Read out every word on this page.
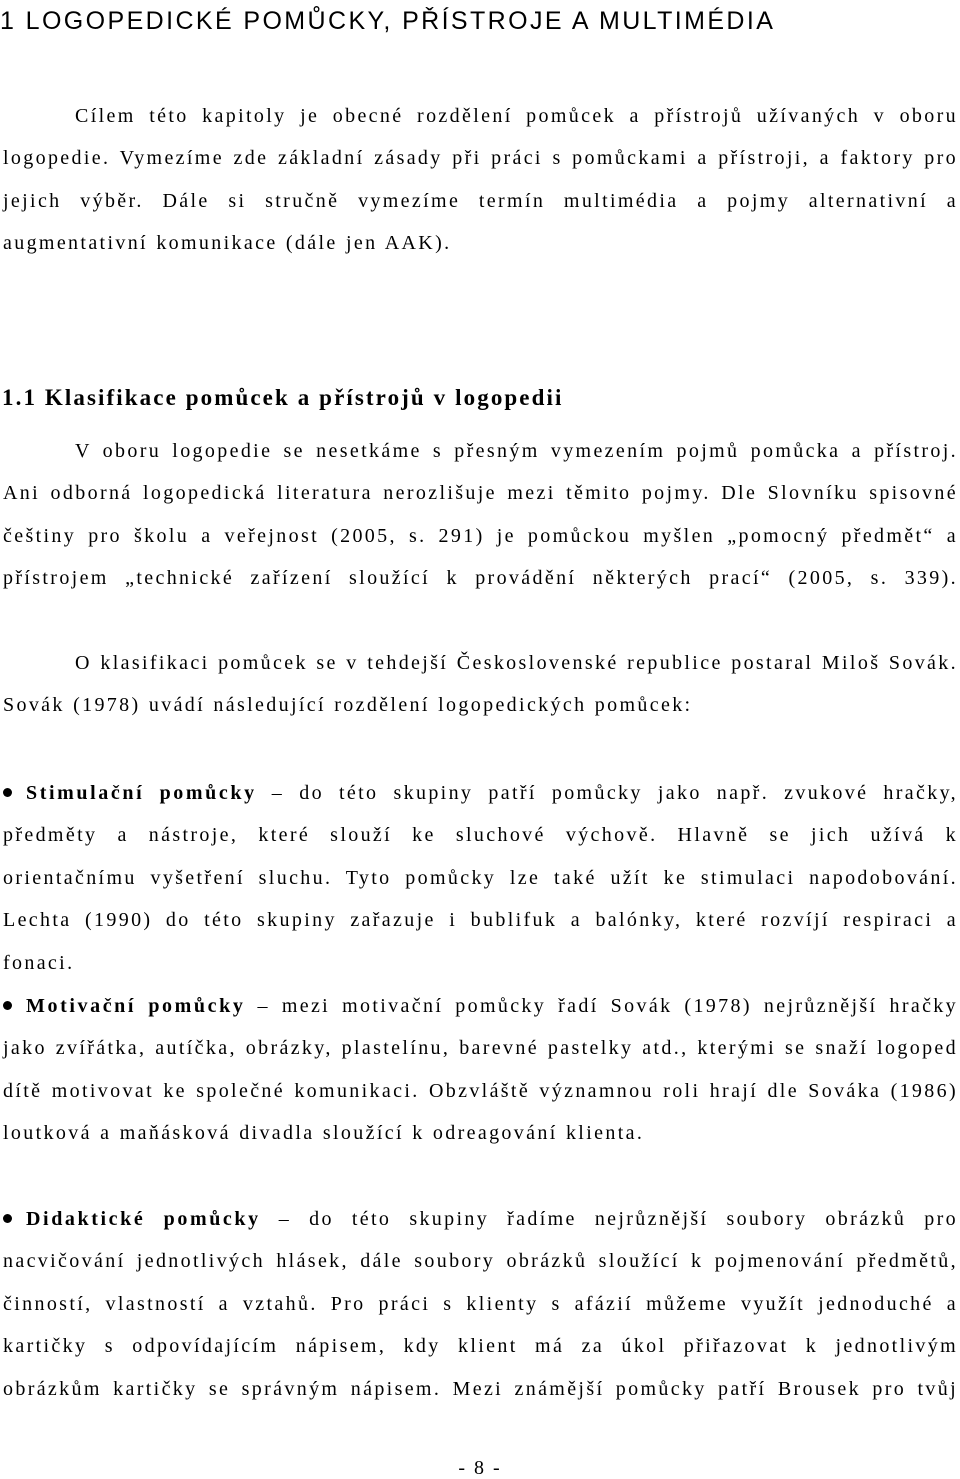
1 LOGOPEDICKÉ POMŮCKY, PŘÍSTROJE A MULTIMÉDIA

Cílem této kapitoly je obecné rozdělení pomůcek a přístrojů užívaných v oboru logopedie. Vymezíme zde základní zásady při práci s pomůckami a přístroji, a faktory pro jejich výběr. Dále si stručně vymezíme termín multimédia a pojmy alternativní a augmentativní komunikace (dále jen AAK).

1.1 Klasifikace pomůcek a přístrojů v logopedii

V oboru logopedie se nesetkáme s přesným vymezením pojmů pomůcka a přístroj. Ani odborná logopedická literatura nerozlišuje mezi těmito pojmy. Dle Slovníku spisovné češtiny pro školu a veřejnost (2005, s. 291) je pomůckou myšlen „pomocný předmět“ a přístrojem „technické zařízení sloužící k provádění některých prací“ (2005, s. 339).

O klasifikaci pomůcek se v tehdejší Československé republice postaral Miloš Sovák. Sovák (1978) uvádí následující rozdělení logopedických pomůcek:

Stimulační pomůcky – do této skupiny patří pomůcky jako např. zvukové hračky, předměty a nástroje, které slouží ke sluchové výchově. Hlavně se jich užívá k orientačnímu vyšetření sluchu. Tyto pomůcky lze také užít ke stimulaci napodobování. Lechta (1990) do této skupiny zařazuje i bublifuk a balónky, které rozvíjí respiraci a fonaci.

Motivační pomůcky – mezi motivační pomůcky řadí Sovák (1978) nejrůznější hračky jako zvířátka, autíčka, obrázky, plastelínu, barevné pastelky atd., kterými se snaží logoped dítě motivovat ke společné komunikaci. Obzvláště významnou roli hrají dle Sováka (1986) loutková a maňásková divadla sloužící k odreagování klienta.

Didaktické pomůcky – do této skupiny řadíme nejrůznější soubory obrázků pro nacvičování jednotlivých hlásek, dále soubory obrázků sloužící k pojmenování předmětů, činností, vlastností a vztahů. Pro práci s klienty s afázií můžeme využít jednoduché a kartičky s odpovídajícím nápisem, kdy klient má za úkol přiřazovat k jednotlivým obrázkům kartičky se správným nápisem. Mezi známější pomůcky patří Brousek pro tvůj

- 8 -
